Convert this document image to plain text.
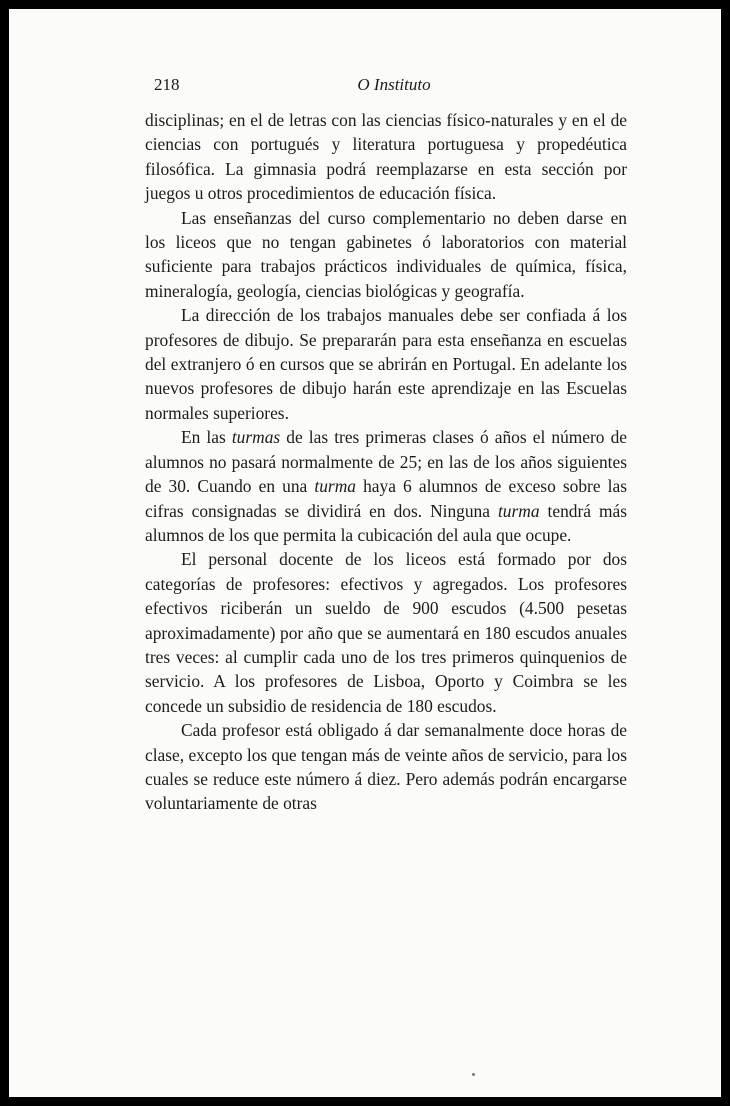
218	O Instituto

disciplinas; en el de letras con las ciencias físico-naturales y en el de ciencias con portugués y literatura portuguesa y propedéutica filosófica. La gimnasia podrá reemplazarse en esta sección por juegos u otros procedimientos de educación física.

Las enseñanzas del curso complementario no deben darse en los liceos que no tengan gabinetes ó laboratorios con material suficiente para trabajos prácticos individuales de química, física, mineralogía, geología, ciencias biológicas y geografía.

La dirección de los trabajos manuales debe ser confiada á los profesores de dibujo. Se prepararán para esta enseñanza en escuelas del extranjero ó en cursos que se abrirán en Portugal. En adelante los nuevos profesores de dibujo harán este aprendizaje en las Escuelas normales superiores.

En las turmas de las tres primeras clases ó años el número de alumnos no pasará normalmente de 25; en las de los años siguientes de 30. Cuando en una turma haya 6 alumnos de exceso sobre las cifras consignadas se dividirá en dos. Ninguna turma tendrá más alumnos de los que permita la cubicación del aula que ocupe.

El personal docente de los liceos está formado por dos categorías de profesores: efectivos y agregados. Los profesores efectivos riciberán un sueldo de 900 escudos (4.500 pesetas aproximadamente) por año que se aumentará en 180 escudos anuales tres veces: al cumplir cada uno de los tres primeros quinquenios de servicio. A los profesores de Lisboa, Oporto y Coimbra se les concede un subsidio de residencia de 180 escudos.

Cada profesor está obligado á dar semanalmente doce horas de clase, excepto los que tengan más de veinte años de servicio, para los cuales se reduce este número á diez. Pero además podrán encargarse voluntariamente de otras
